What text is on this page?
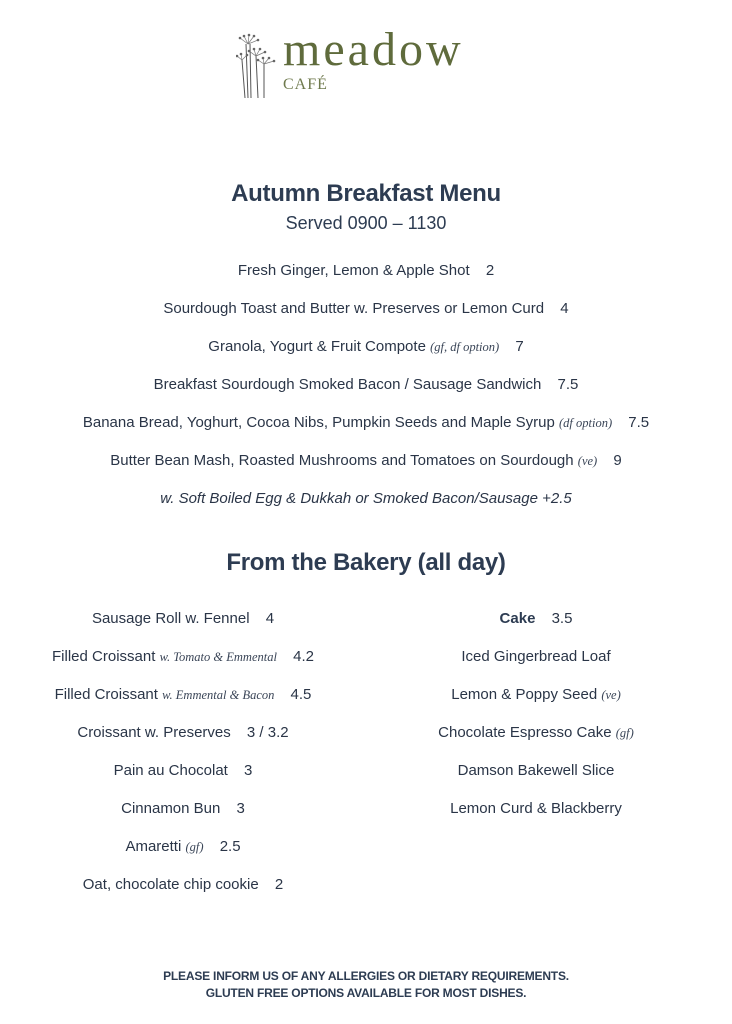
meadow
CAFÉ
Autumn Breakfast Menu
Served 0900 – 1130
Fresh Ginger, Lemon & Apple Shot 2
Sourdough Toast and Butter w. Preserves or Lemon Curd 4
Granola, Yogurt & Fruit Compote (gf, df option) 7
Breakfast Sourdough Smoked Bacon / Sausage Sandwich 7.5
Banana Bread, Yoghurt, Cocoa Nibs, Pumpkin Seeds and Maple Syrup (df option) 7.5
Butter Bean Mash, Roasted Mushrooms and Tomatoes on Sourdough (ve) 9
w. Soft Boiled Egg & Dukkah or Smoked Bacon/Sausage +2.5
From the Bakery (all day)
Sausage Roll w. Fennel 4
Filled Croissant w. Tomato & Emmental 4.2
Filled Croissant w. Emmental & Bacon 4.5
Croissant w. Preserves 3 / 3.2
Pain au Chocolat 3
Cinnamon Bun 3
Amaretti (gf) 2.5
Oat, chocolate chip cookie 2
Cake 3.5
Iced Gingerbread Loaf
Lemon & Poppy Seed (ve)
Chocolate Espresso Cake (gf)
Damson Bakewell Slice
Lemon Curd & Blackberry
PLEASE INFORM US OF ANY ALLERGIES OR DIETARY REQUIREMENTS.
GLUTEN FREE OPTIONS AVAILABLE FOR MOST DISHES.
